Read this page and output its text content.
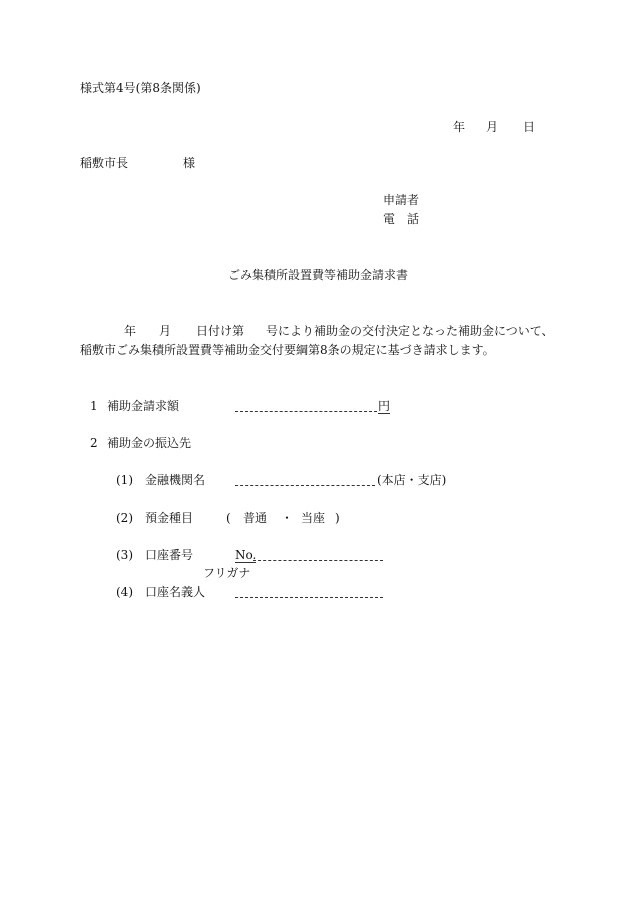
様式第4号(第8条関係)
年 月 日
稲敷市長	様
申請者
電　話
ごみ集積所設置費等補助金請求書
年 月 日付け第 号により補助金の交付決定となった補助金について、
稲敷市ごみ集積所設置費等補助金交付要綱第8条の規定に基づき請求します。
1 補助金請求額	円
2 補助金の振込先
(1) 金融機関名	(本店・支店)
(2) 預金種目	( 普通 ・ 当座 )
(3) 口座番号	No.
フリガナ
(4) 口座名義人
